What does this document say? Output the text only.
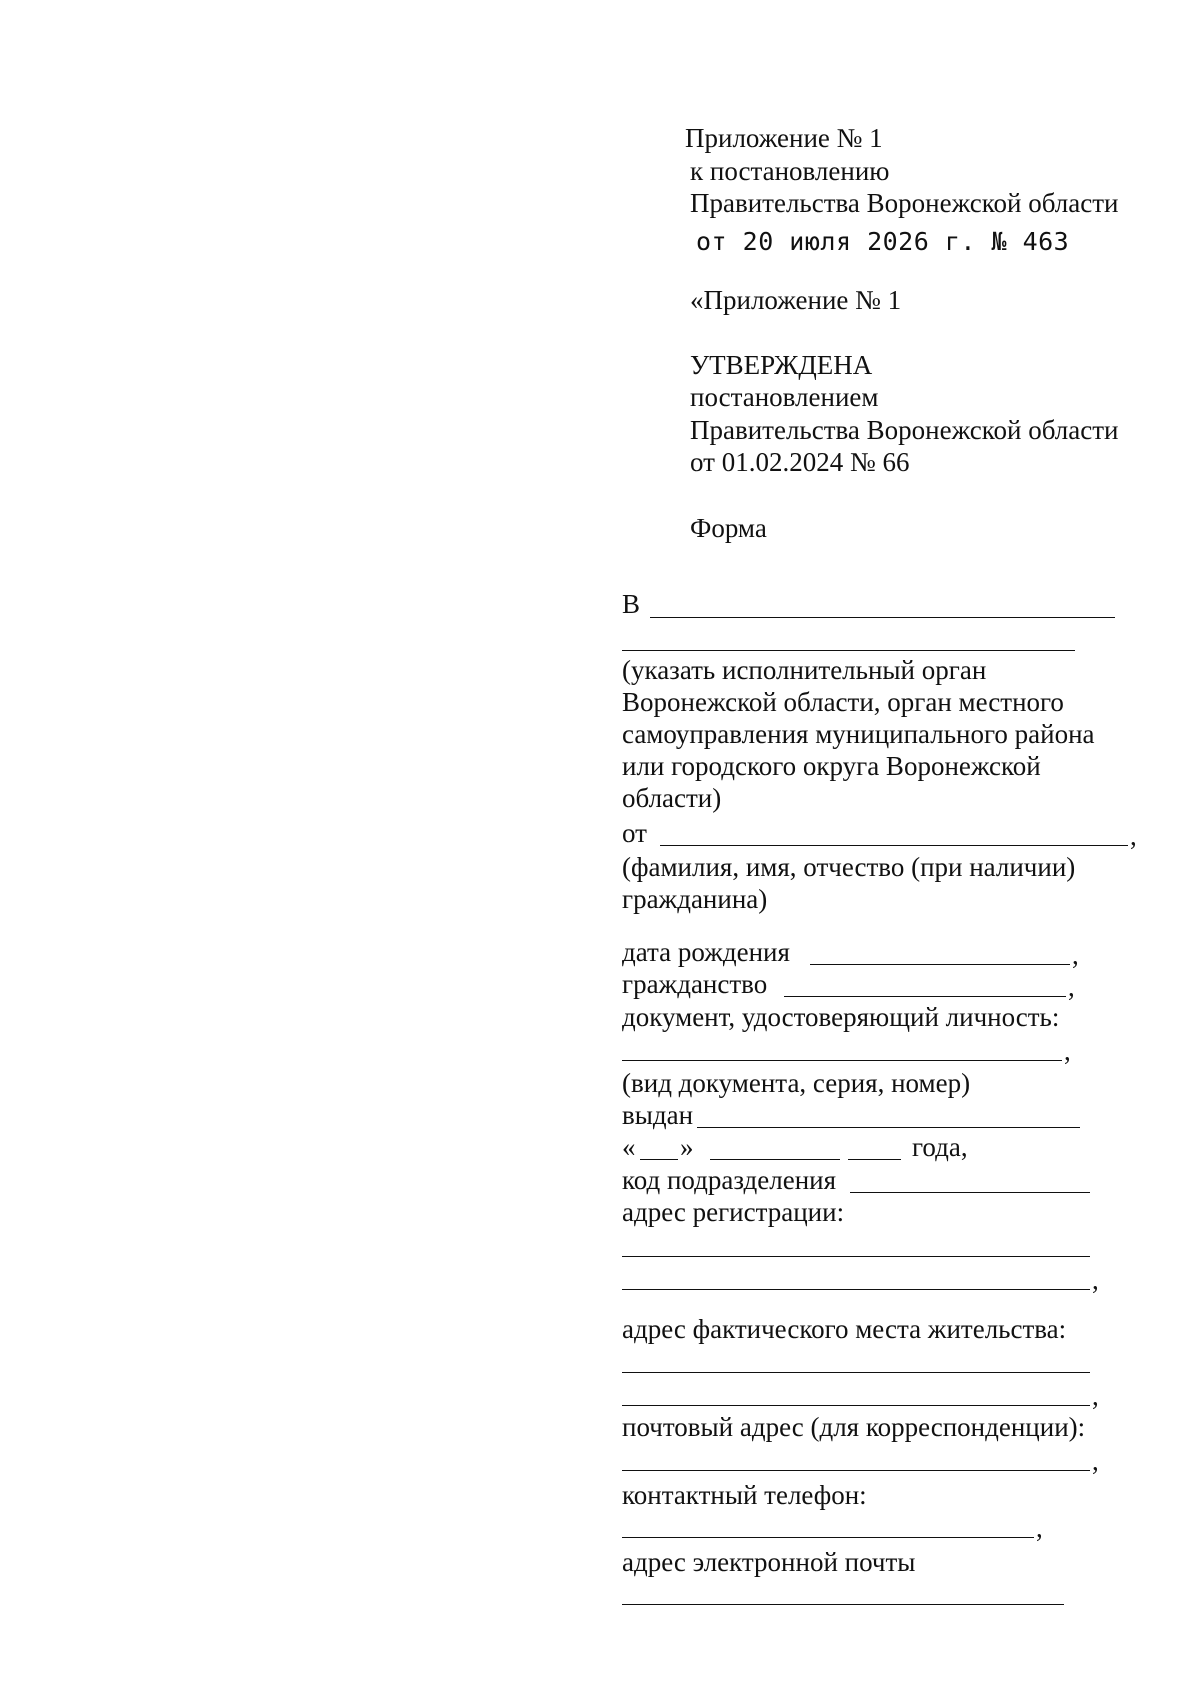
Приложение № 1
к постановлению
Правительства Воронежской области
от 20 июля 2026 г. № 463
«Приложение № 1
УТВЕРЖДЕНА
постановлением
Правительства Воронежской области
от 01.02.2024 № 66
Форма
В
(указать исполнительный орган
Воронежской области, орган местного
самоуправления муниципального района
или городского округа Воронежской
области)
от	,
(фамилия, имя, отчество (при наличии)
гражданина)
дата рождения	,
гражданство	,
документ, удостоверяющий личность:
,
(вид документа, серия, номер)
выдан
« »	года,
код подразделения
адрес регистрации:
,
адрес фактического места жительства:
,
почтовый адрес (для корреспонденции):
,
контактный телефон:
,
адрес электронной почты
